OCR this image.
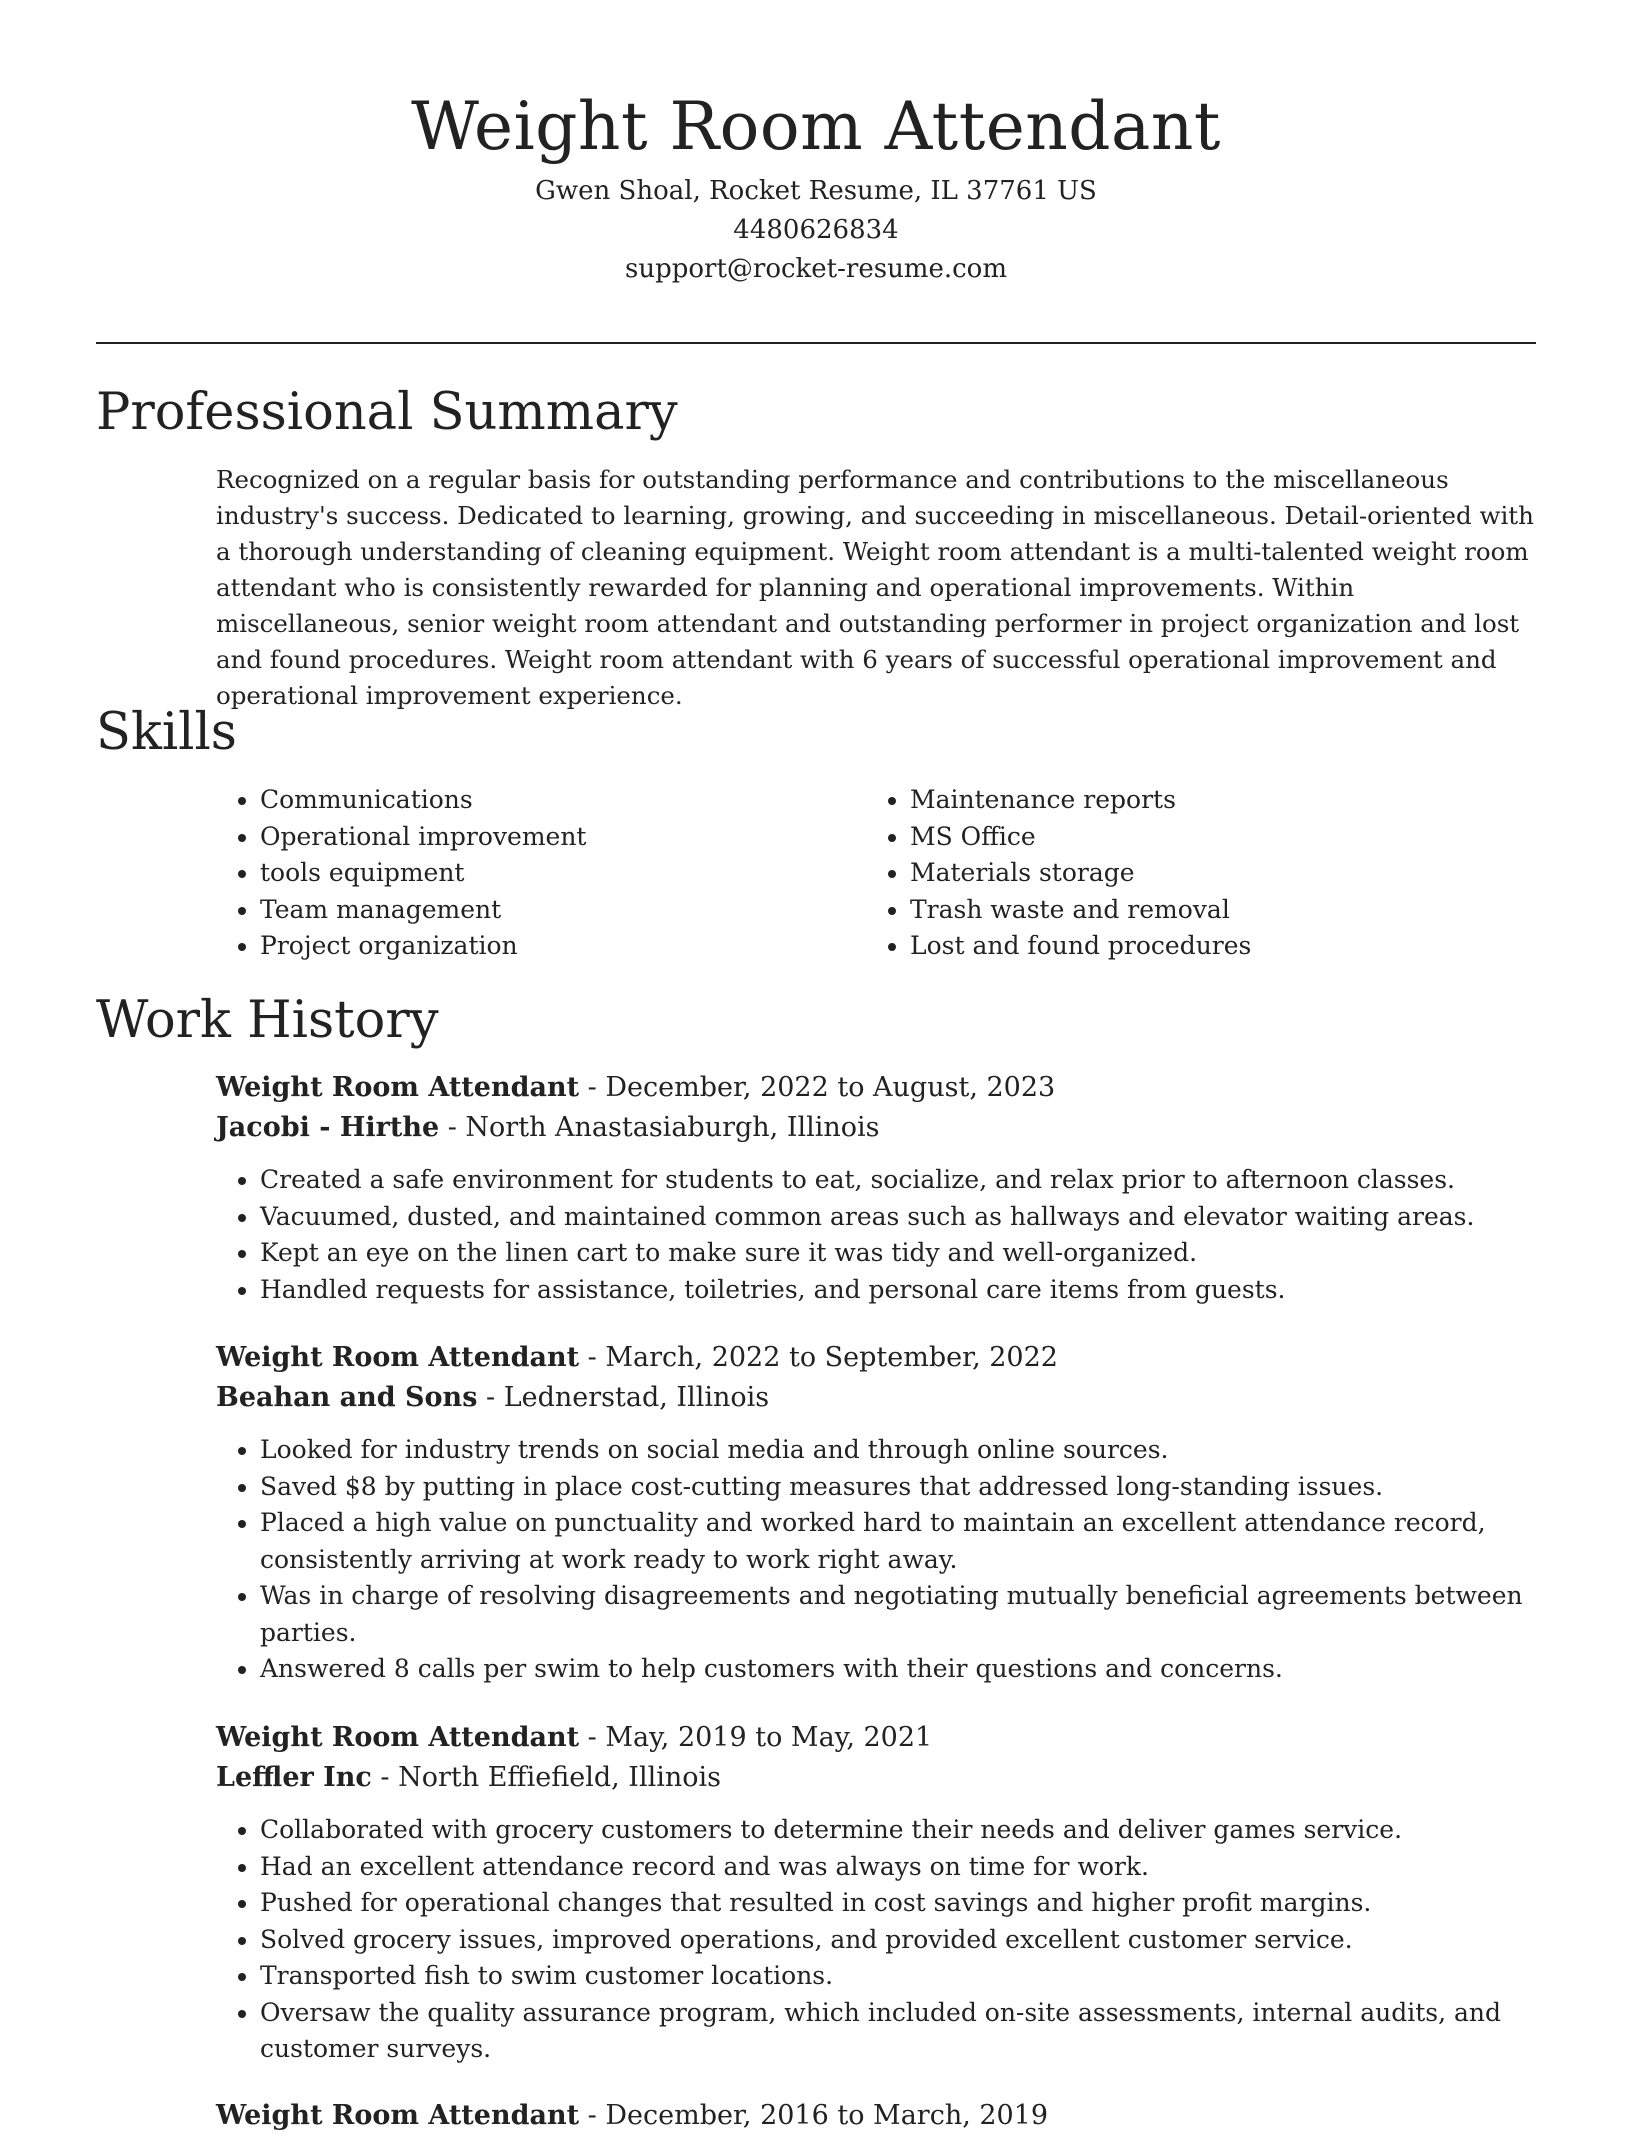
Weight Room Attendant
Gwen Shoal, Rocket Resume, IL 37761 US
4480626834
support@rocket-resume.com
Professional Summary

Recognized on a regular basis for outstanding performance and contributions to the miscellaneous industry's success. Dedicated to learning, growing, and succeeding in miscellaneous. Detail-oriented with a thorough understanding of cleaning equipment. Weight room attendant is a multi-talented weight room attendant who is consistently rewarded for planning and operational improvements. Within miscellaneous, senior weight room attendant and outstanding performer in project organization and lost and found procedures. Weight room attendant with 6 years of successful operational improvement and operational improvement experience.

Skills
• Communications
• Operational improvement
• tools equipment
• Team management
• Project organization
• Maintenance reports
• MS Office
• Materials storage
• Trash waste and removal
• Lost and found procedures
Work History
Weight Room Attendant - December, 2022 to August, 2023
Jacobi - Hirthe - North Anastasiaburgh, Illinois
• Created a safe environment for students to eat, socialize, and relax prior to afternoon classes.
• Vacuumed, dusted, and maintained common areas such as hallways and elevator waiting areas.
• Kept an eye on the linen cart to make sure it was tidy and well-organized.
• Handled requests for assistance, toiletries, and personal care items from guests.
Weight Room Attendant - March, 2022 to September, 2022
Beahan and Sons - Lednerstad, Illinois
• Looked for industry trends on social media and through online sources.
• Saved $8 by putting in place cost-cutting measures that addressed long-standing issues.
• Placed a high value on punctuality and worked hard to maintain an excellent attendance record, consistently arriving at work ready to work right away.
• Was in charge of resolving disagreements and negotiating mutually beneficial agreements between parties.
• Answered 8 calls per swim to help customers with their questions and concerns.
Weight Room Attendant - May, 2019 to May, 2021
Leffler Inc - North Effiefield, Illinois
• Collaborated with grocery customers to determine their needs and deliver games service.
• Had an excellent attendance record and was always on time for work.
• Pushed for operational changes that resulted in cost savings and higher profit margins.
• Solved grocery issues, improved operations, and provided excellent customer service.
• Transported fish to swim customer locations.
• Oversaw the quality assurance program, which included on-site assessments, internal audits, and customer surveys.
Weight Room Attendant - December, 2016 to March, 2019
